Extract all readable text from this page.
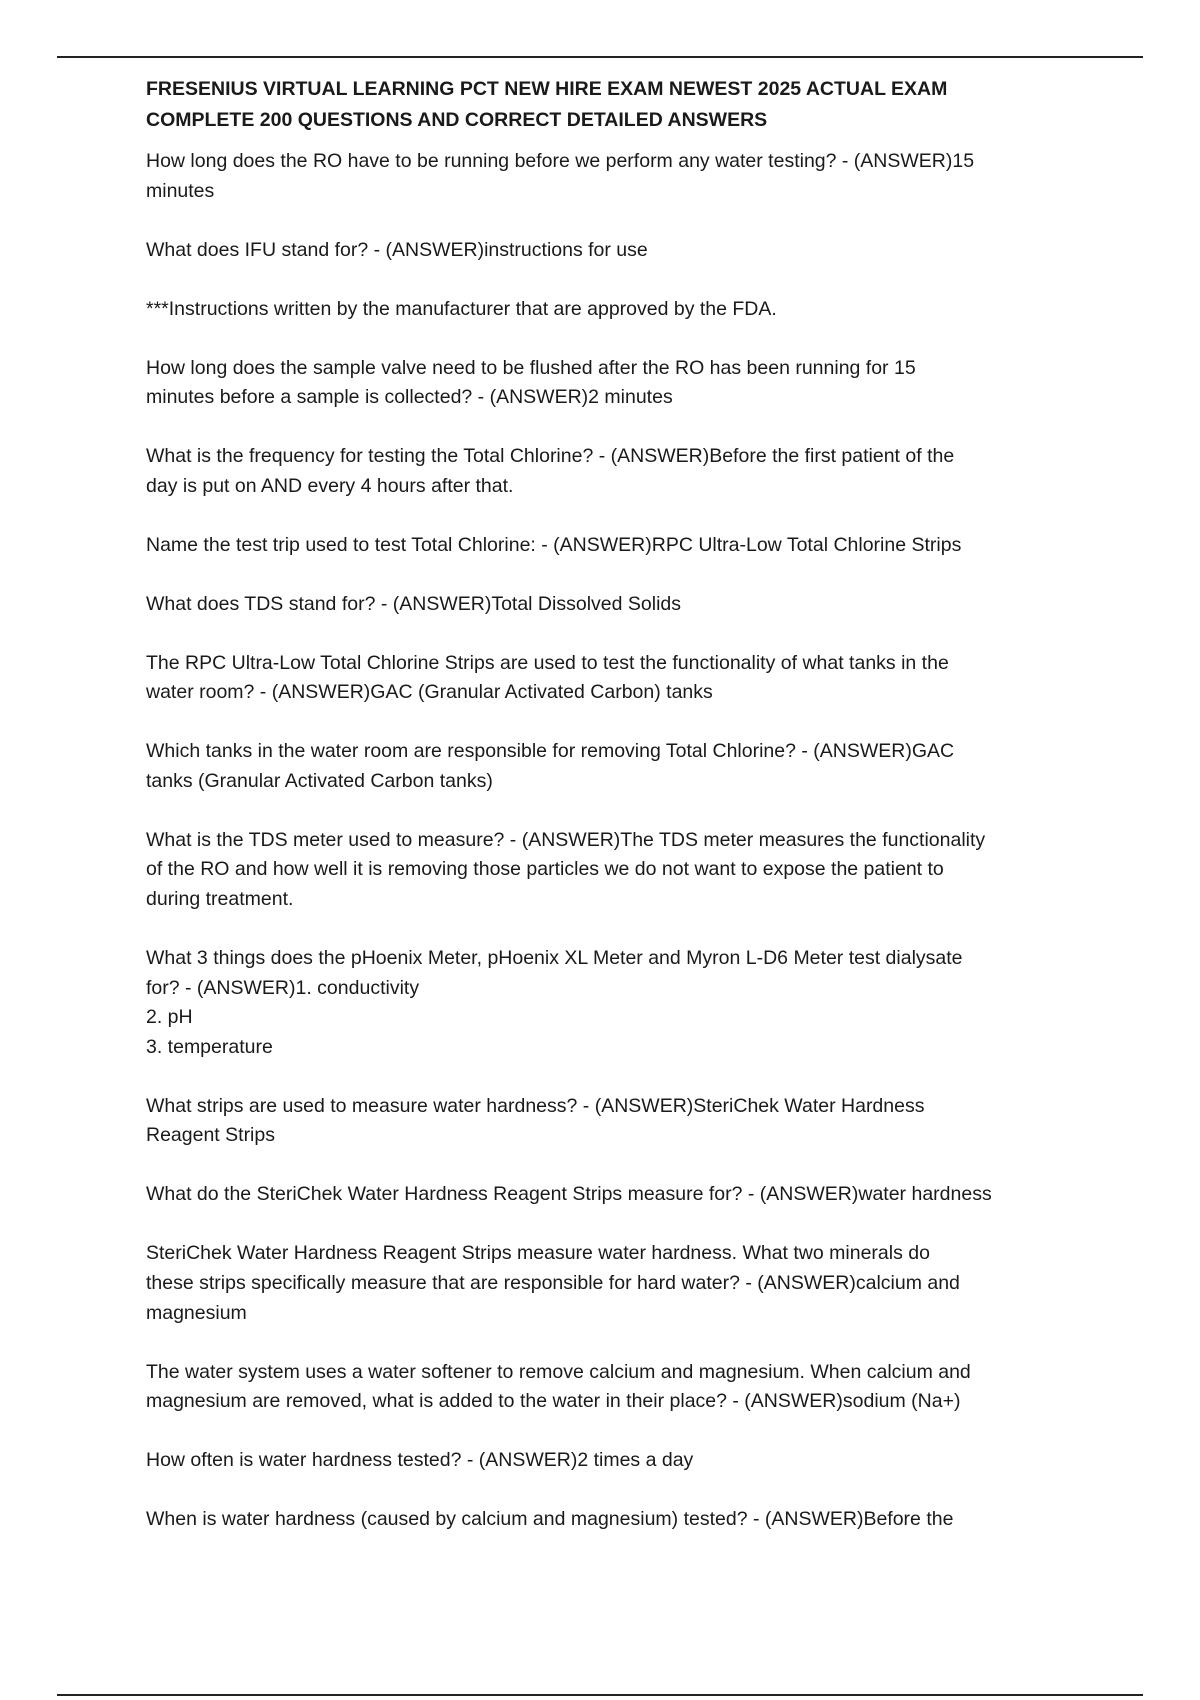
FRESENIUS VIRTUAL LEARNING PCT NEW HIRE EXAM NEWEST 2025 ACTUAL EXAM
COMPLETE 200 QUESTIONS AND CORRECT DETAILED ANSWERS
How long does the RO have to be running before we perform any water testing? - (ANSWER)15
minutes
What does IFU stand for? - (ANSWER)instructions for use
***Instructions written by the manufacturer that are approved by the FDA.
How long does the sample valve need to be flushed after the RO has been running for 15
minutes before a sample is collected? - (ANSWER)2 minutes
What is the frequency for testing the Total Chlorine? - (ANSWER)Before the first patient of the
day is put on AND every 4 hours after that.
Name the test trip used to test Total Chlorine: - (ANSWER)RPC Ultra-Low Total Chlorine Strips
What does TDS stand for? - (ANSWER)Total Dissolved Solids
The RPC Ultra-Low Total Chlorine Strips are used to test the functionality of what tanks in the
water room? - (ANSWER)GAC (Granular Activated Carbon) tanks
Which tanks in the water room are responsible for removing Total Chlorine? - (ANSWER)GAC
tanks (Granular Activated Carbon tanks)
What is the TDS meter used to measure? - (ANSWER)The TDS meter measures the functionality
of the RO and how well it is removing those particles we do not want to expose the patient to
during treatment.
What 3 things does the pHoenix Meter, pHoenix XL Meter and Myron L-D6 Meter test dialysate
for? - (ANSWER)1. conductivity
2. pH
3. temperature
What strips are used to measure water hardness? - (ANSWER)SteriChek Water Hardness
Reagent Strips
What do the SteriChek Water Hardness Reagent Strips measure for? - (ANSWER)water hardness
SteriChek Water Hardness Reagent Strips measure water hardness. What two minerals do
these strips specifically measure that are responsible for hard water? - (ANSWER)calcium and
magnesium
The water system uses a water softener to remove calcium and magnesium. When calcium and
magnesium are removed, what is added to the water in their place? - (ANSWER)sodium (Na+)
How often is water hardness tested? - (ANSWER)2 times a day
When is water hardness (caused by calcium and magnesium) tested? - (ANSWER)Before the
